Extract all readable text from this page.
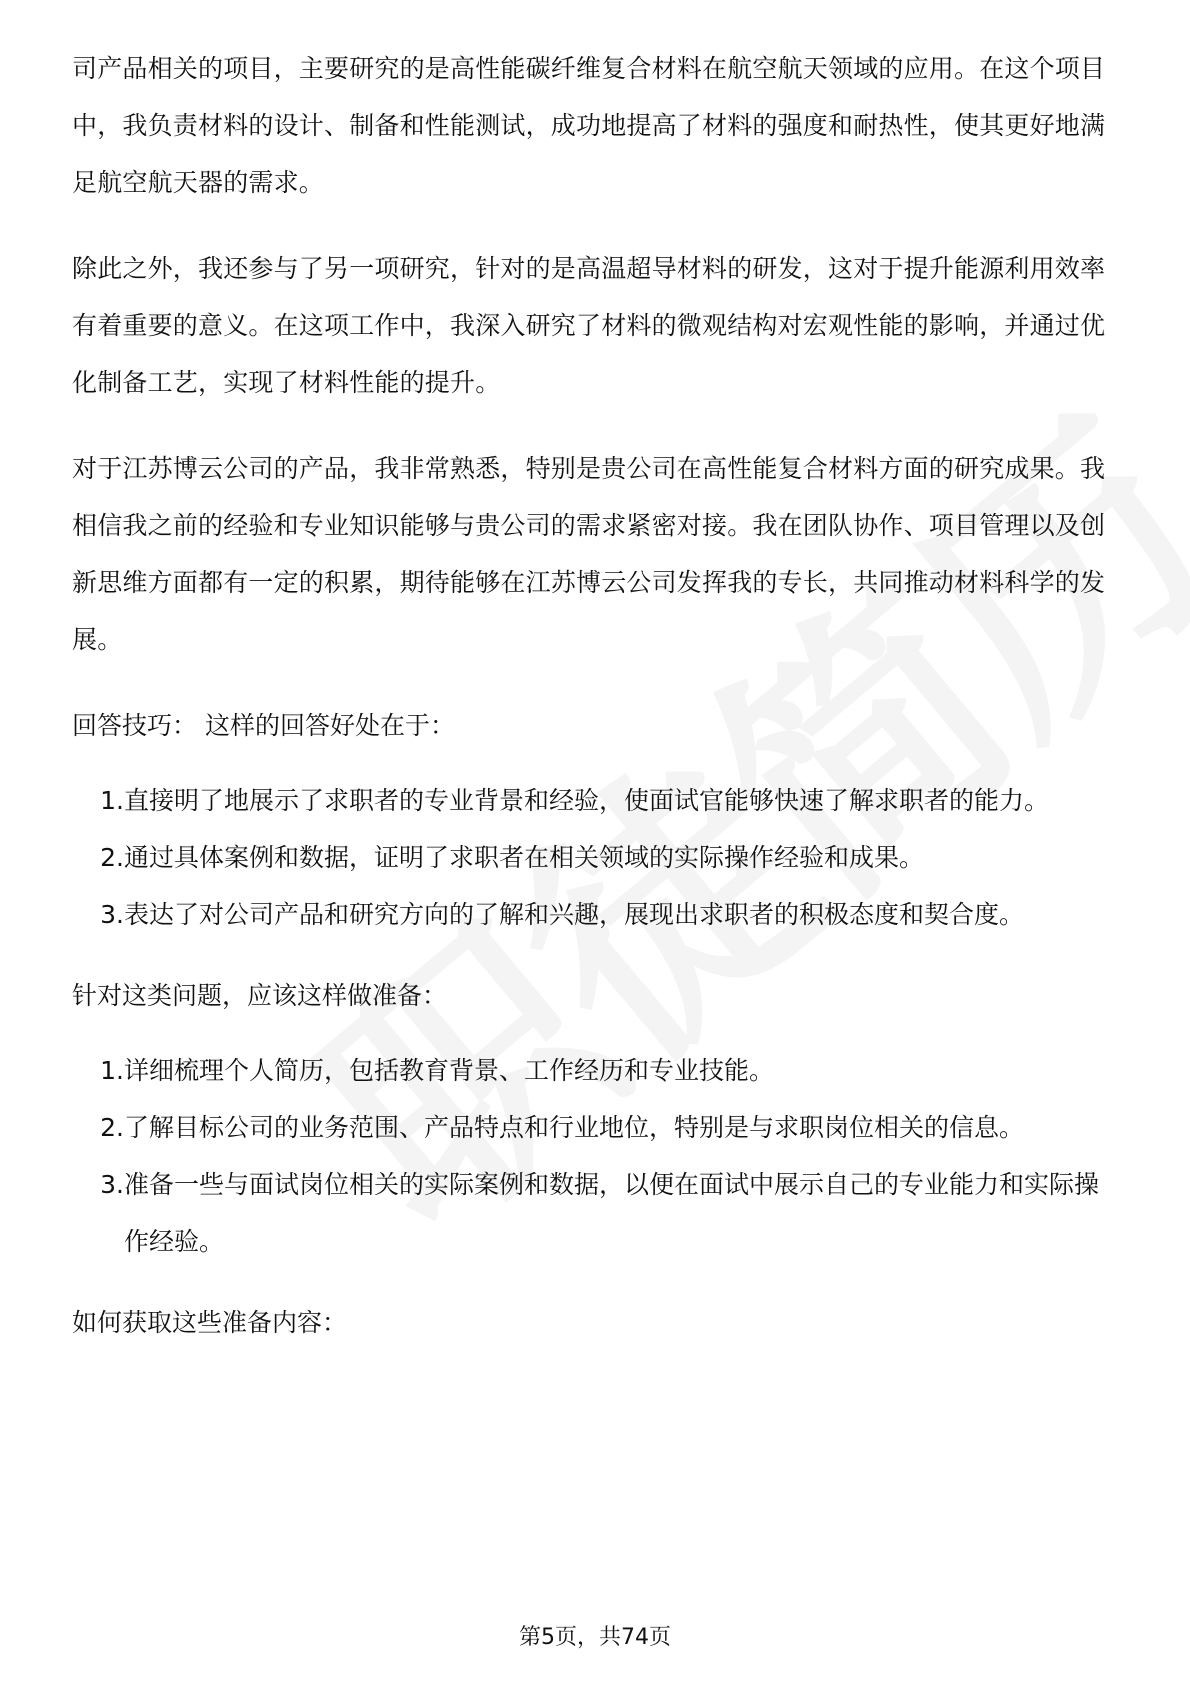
司产品相关的项目，主要研究的是高性能碳纤维复合材料在航空航天领域的应用。在这个项目中，我负责材料的设计、制备和性能测试，成功地提高了材料的强度和耐热性，使其更好地满足航空航天器的需求。

除此之外，我还参与了另一项研究，针对的是高温超导材料的研发，这对于提升能源利用效率有着重要的意义。在这项工作中，我深入研究了材料的微观结构对宏观性能的影响，并通过优化制备工艺，实现了材料性能的提升。

对于江苏博云公司的产品，我非常熟悉，特别是贵公司在高性能复合材料方面的研究成果。我相信我之前的经验和专业知识能够与贵公司的需求紧密对接。我在团队协作、项目管理以及创新思维方面都有一定的积累，期待能够在江苏博云公司发挥我的专长，共同推动材料科学的发展。

回答技巧： 这样的回答好处在于：

1. 直接明了地展示了求职者的专业背景和经验，使面试官能够快速了解求职者的能力。
2. 通过具体案例和数据，证明了求职者在相关领域的实际操作经验和成果。
3. 表达了对公司产品和研究方向的了解和兴趣，展现出求职者的积极态度和契合度。

针对这类问题，应该这样做准备：

1. 详细梳理个人简历，包括教育背景、工作经历和专业技能。
2. 了解目标公司的业务范围、产品特点和行业地位，特别是与求职岗位相关的信息。
3. 准备一些与面试岗位相关的实际案例和数据，以便在面试中展示自己的专业能力和实际操作经验。

如何获取这些准备内容：

第5页，共74页
